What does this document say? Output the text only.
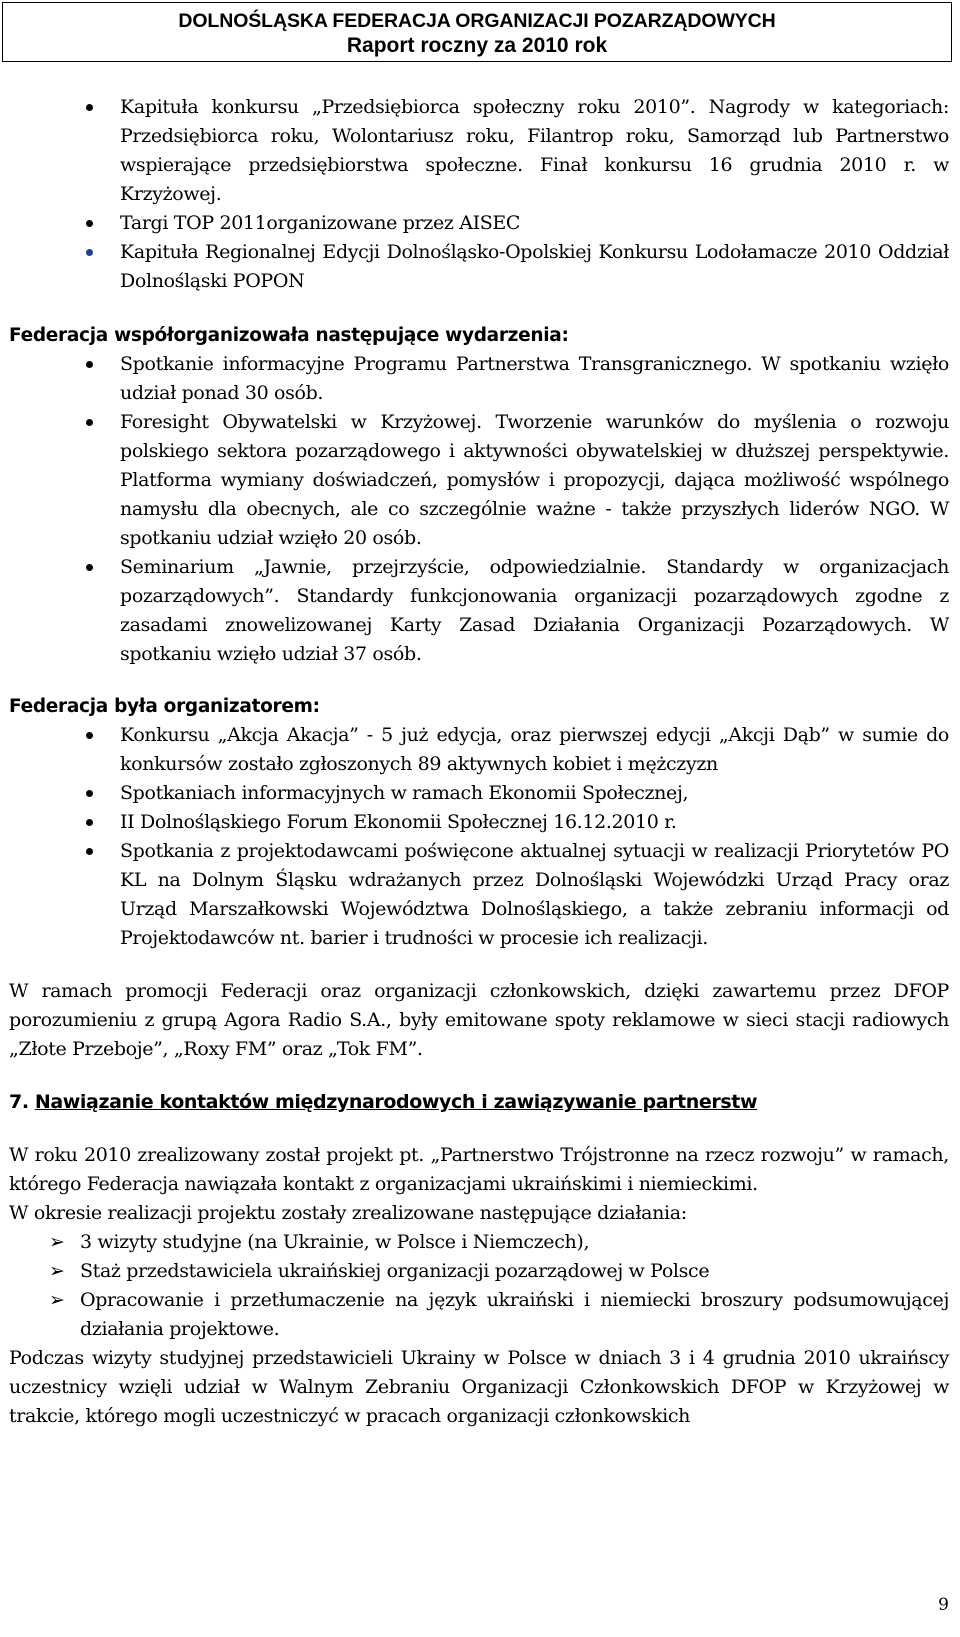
DOLNOŚLĄSKA FEDERACJA ORGANIZACJI POZARZĄDOWYCH
Raport roczny za 2010 rok
Kapituła konkursu „Przedsiębiorca społeczny roku 2010”. Nagrody w kategoriach: Przedsiębiorca roku, Wolontariusz roku, Filantrop roku, Samorząd lub Partnerstwo wspierające przedsiębiorstwa społeczne. Finał konkursu 16 grudnia 2010 r. w Krzyżowej.
Targi TOP 2011organizowane przez AISEC
Kapituła Regionalnej Edycji Dolnośląsko-Opolskiej Konkursu Lodołamacze 2010 Oddział Dolnośląski POPON
Federacja współorganizowała następujące wydarzenia:
Spotkanie informacyjne Programu Partnerstwa Transgranicznego. W spotkaniu wzięło udział ponad 30 osób.
Foresight Obywatelski w Krzyżowej. Tworzenie warunków do myślenia o rozwoju polskiego sektora pozarządowego i aktywności obywatelskiej w dłuższej perspektywie. Platforma wymiany doświadczeń, pomysłów i propozycji, dająca możliwość wspólnego namysłu dla obecnych, ale co szczególnie ważne - także przyszłych liderów NGO. W spotkaniu udział wzięło 20 osób.
Seminarium „Jawnie, przejrzyście, odpowiedzialnie. Standardy w organizacjach pozarządowych”. Standardy funkcjonowania organizacji pozarządowych zgodne z zasadami znowelizowanej Karty Zasad Działania Organizacji Pozarządowych. W spotkaniu wzięło udział 37 osób.
Federacja była organizatorem:
Konkursu „Akcja Akacja” - 5 już edycja, oraz pierwszej edycji „Akcji Dąb” w sumie do konkursów zostało zgłoszonych 89 aktywnych kobiet i mężczyzn
Spotkaniach informacyjnych w ramach Ekonomii Społecznej,
II Dolnośląskiego Forum Ekonomii Społecznej 16.12.2010 r.
Spotkania z projektodawcami poświęcone aktualnej sytuacji w realizacji Priorytetów PO KL na Dolnym Śląsku wdrażanych przez Dolnośląski Wojewódzki Urząd Pracy oraz Urząd Marszałkowski Województwa Dolnośląskiego, a także zebraniu informacji od Projektodawców nt. barier i trudności w procesie ich realizacji.

W ramach promocji Federacji oraz organizacji członkowskich, dzięki zawartemu przez DFOP porozumieniu z grupą Agora Radio S.A., były emitowane spoty reklamowe w sieci stacji radiowych „Złote Przeboje”, „Roxy FM” oraz „Tok FM”.

7. Nawiązanie kontaktów międzynarodowych i zawiązywanie partnerstw

W roku 2010 zrealizowany został projekt pt. „Partnerstwo Trójstronne na rzecz rozwoju” w ramach, którego Federacja nawiązała kontakt z organizacjami ukraińskimi i niemieckimi.

W okresie realizacji projektu zostały zrealizowane następujące działania:

➢ 3 wizyty studyjne (na Ukrainie, w Polsce i Niemczech),
➢ Staż przedstawiciela ukraińskiej organizacji pozarządowej w Polsce
➢ Opracowanie i przetłumaczenie na język ukraiński i niemiecki broszury podsumowującej działania projektowe.

Podczas wizyty studyjnej przedstawicieli Ukrainy w Polsce w dniach 3 i 4 grudnia 2010 ukraińscy uczestnicy wzięli udział w Walnym Zebraniu Organizacji Członkowskich DFOP w Krzyżowej w trakcie, którego mogli uczestniczyć w pracach organizacji członkowskich

9
